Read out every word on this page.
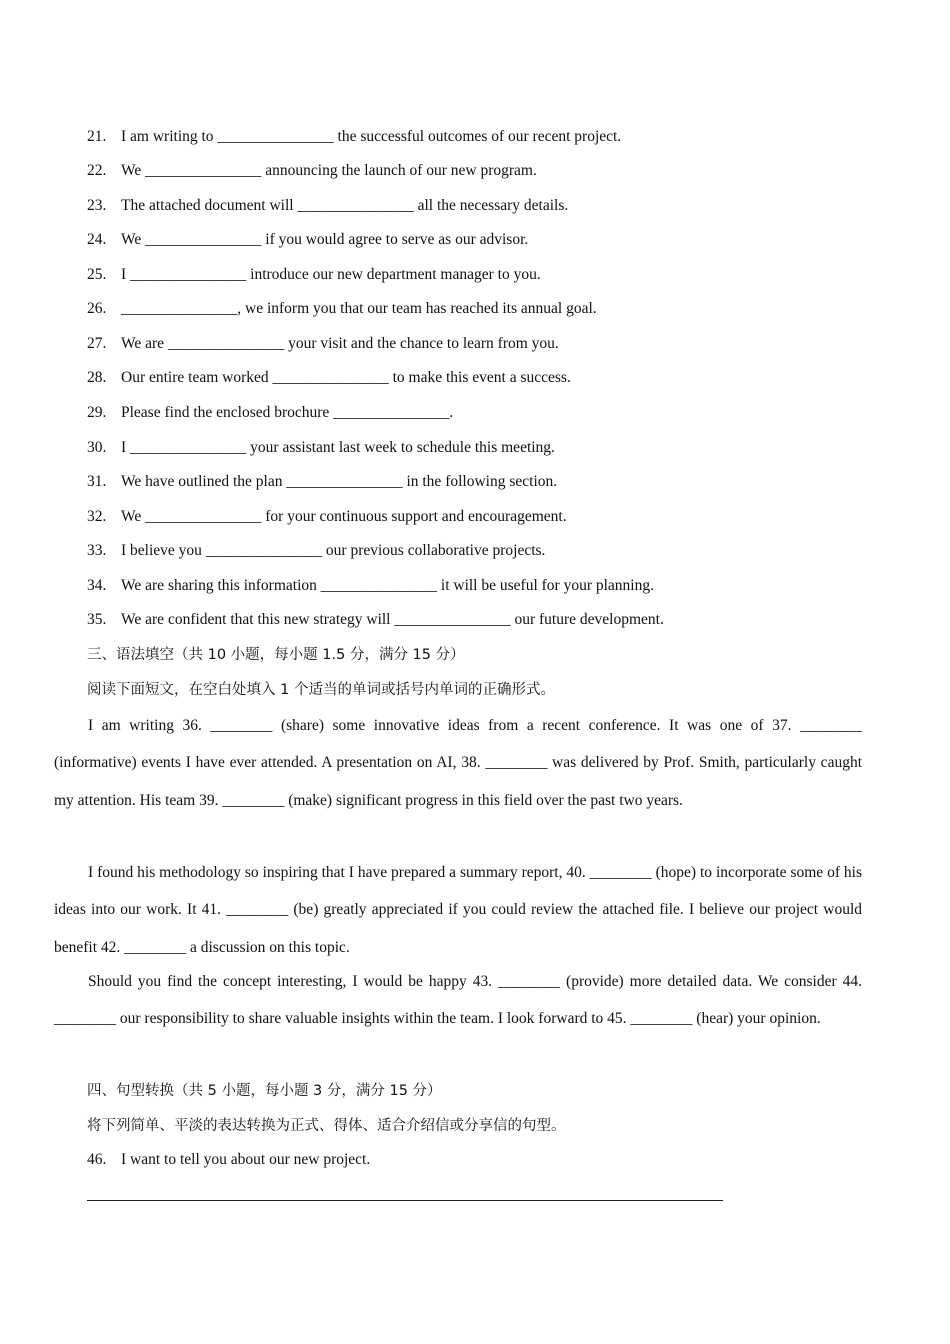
21. I am writing to _______________ the successful outcomes of our recent project.
22. We _______________ announcing the launch of our new program.
23. The attached document will _______________ all the necessary details.
24. We _______________ if you would agree to serve as our advisor.
25. I _______________ introduce our new department manager to you.
26. _______________, we inform you that our team has reached its annual goal.
27. We are _______________ your visit and the chance to learn from you.
28. Our entire team worked _______________ to make this event a success.
29. Please find the enclosed brochure _______________.
30. I _______________ your assistant last week to schedule this meeting.
31. We have outlined the plan _______________ in the following section.
32. We _______________ for your continuous support and encouragement.
33. I believe you _______________ our previous collaborative projects.
34. We are sharing this information _______________ it will be useful for your planning.
35. We are confident that this new strategy will _______________ our future development.
三、语法填空（共 10 小题，每小题 1.5 分，满分 15 分）
阅读下面短文，在空白处填入 1 个适当的单词或括号内单词的正确形式。
I am writing 36. ________ (share) some innovative ideas from a recent conference. It was one of 37. ________ (informative) events I have ever attended. A presentation on AI, 38. ________ was delivered by Prof. Smith, particularly caught my attention. His team 39. ________ (make) significant progress in this field over the past two years.
I found his methodology so inspiring that I have prepared a summary report, 40. ________ (hope) to incorporate some of his ideas into our work. It 41. ________ (be) greatly appreciated if you could review the attached file. I believe our project would benefit 42. ________ a discussion on this topic.
Should you find the concept interesting, I would be happy 43. ________ (provide) more detailed data. We consider 44. ________ our responsibility to share valuable insights within the team. I look forward to 45. ________ (hear) your opinion.
四、句型转换（共 5 小题，每小题 3 分，满分 15 分）
将下列简单、平淡的表达转换为正式、得体、适合介绍信或分享信的句型。
46. I want to tell you about our new project.
